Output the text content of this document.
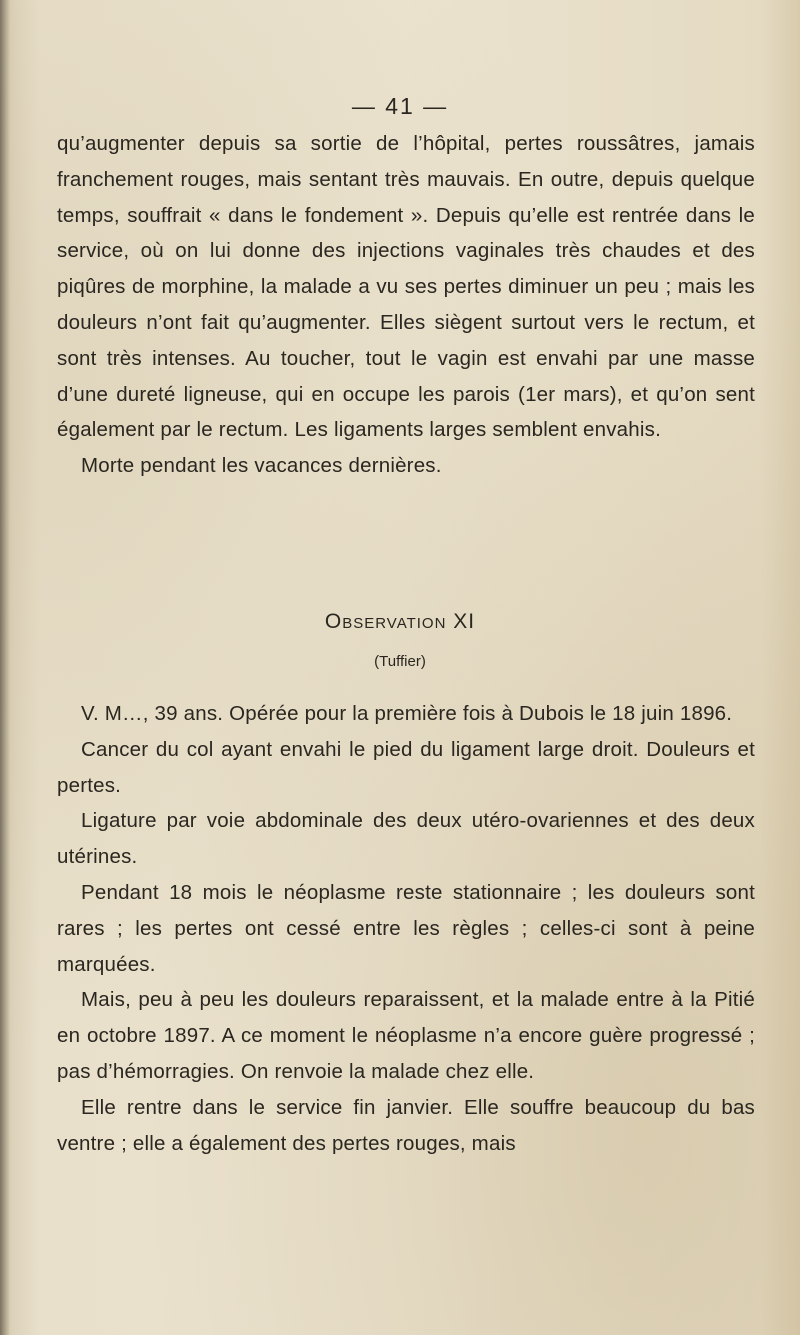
— 41 —

qu’augmenter depuis sa sortie de l’hôpital, pertes roussâtres, jamais franchement rouges, mais sentant très mauvais. En outre, depuis quelque temps, souffrait « dans le fondement ». Depuis qu’elle est rentrée dans le service, où on lui donne des injections vaginales très chaudes et des piqûres de morphine, la malade a vu ses pertes diminuer un peu ; mais les douleurs n’ont fait qu’augmenter. Elles siègent surtout vers le rectum, et sont très intenses. Au toucher, tout le vagin est envahi par une masse d’une dureté ligneuse, qui en occupe les parois (1er mars), et qu’on sent également par le rectum. Les ligaments larges semblent envahis.

Morte pendant les vacances dernières.

Observation XI
(Tuffier)

V. M…, 39 ans. Opérée pour la première fois à Dubois le 18 juin 1896.

Cancer du col ayant envahi le pied du ligament large droit. Douleurs et pertes.

Ligature par voie abdominale des deux utéro-ovariennes et des deux utérines.

Pendant 18 mois le néoplasme reste stationnaire ; les douleurs sont rares ; les pertes ont cessé entre les règles ; celles-ci sont à peine marquées.

Mais, peu à peu les douleurs reparaissent, et la malade entre à la Pitié en octobre 1897. A ce moment le néoplasme n’a encore guère progressé ; pas d’hémorragies. On renvoie la malade chez elle.

Elle rentre dans le service fin janvier. Elle souffre beaucoup du bas ventre ; elle a également des pertes rouges, mais
